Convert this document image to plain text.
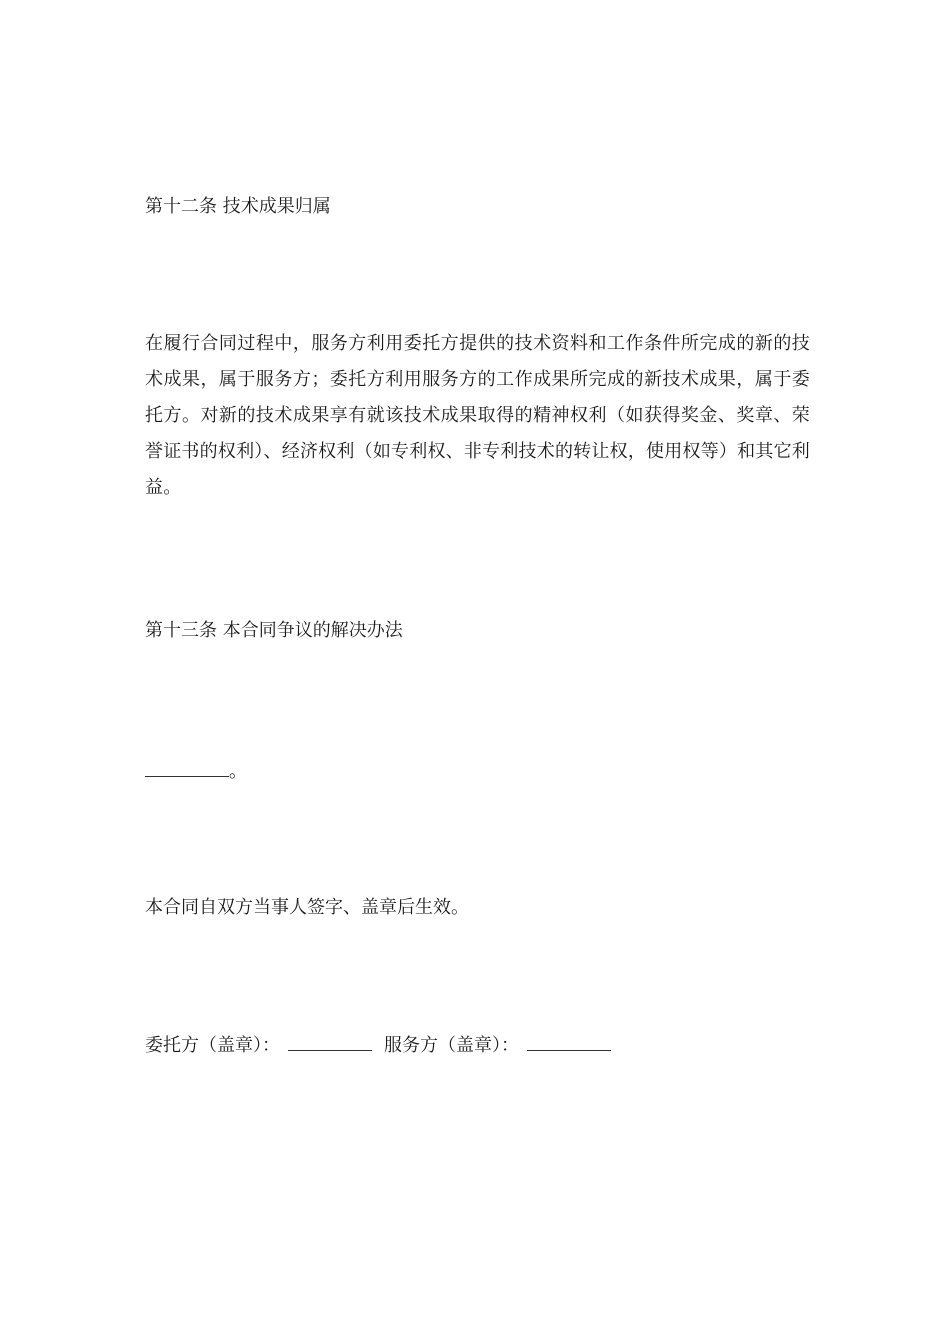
第十二条 技术成果归属
在履行合同过程中，服务方利用委托方提供的技术资料和工作条件所完成的新的技术成果，属于服务方；委托方利用服务方的工作成果所完成的新技术成果，属于委托方。对新的技术成果享有就该技术成果取得的精神权利（如获得奖金、奖章、荣誉证书的权利）、经济权利（如专利权、非专利技术的转让权，使用权等）和其它利益。
第十三条 本合同争议的解决办法
。
本合同自双方当事人签字、盖章后生效。
委托方（盖章）：	服务方（盖章）：
